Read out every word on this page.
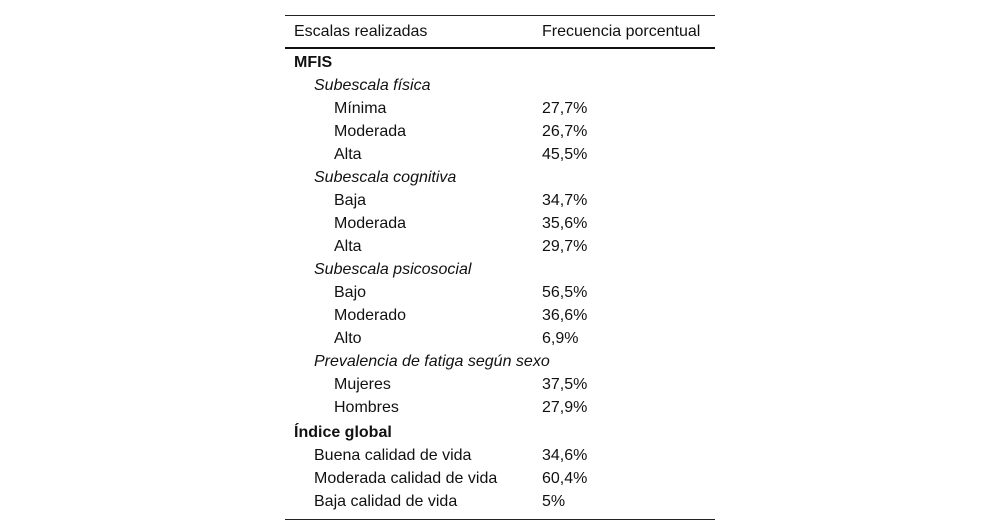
Escalas realizadas	Frecuencia porcentual
MFIS
Subescala física
Mínima	27,7%
Moderada	26,7%
Alta	45,5%
Subescala cognitiva
Baja	34,7%
Moderada	35,6%
Alta	29,7%
Subescala psicosocial
Bajo	56,5%
Moderado	36,6%
Alto	6,9%
Prevalencia de fatiga según sexo
Mujeres	37,5%
Hombres	27,9%
Índice global
Buena calidad de vida	34,6%
Moderada calidad de vida	60,4%
Baja calidad de vida	5%
